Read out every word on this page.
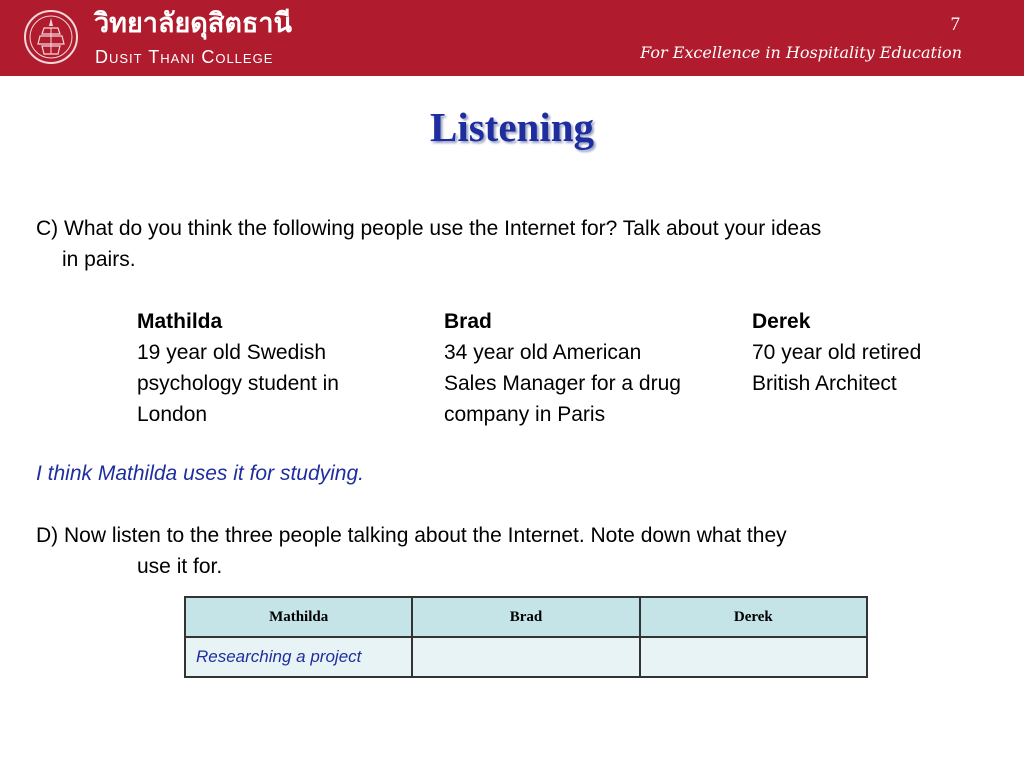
วิทยาลัยดุสิตธานี
Dusit Thani College
7
For Excellence in Hospitality Education
Listening
C) What do you think the following people use the Internet for? Talk about your ideas
in pairs.
Mathilda
19 year old Swedish
psychology student in
London
Brad
34 year old American
Sales Manager for a drug
company in Paris
Derek
70 year old retired
British Architect
I think Mathilda uses it for studying.
D) Now listen to the three people talking about the Internet. Note down what they
use it for.
Mathilda	Brad	Derek
Researching a project		
